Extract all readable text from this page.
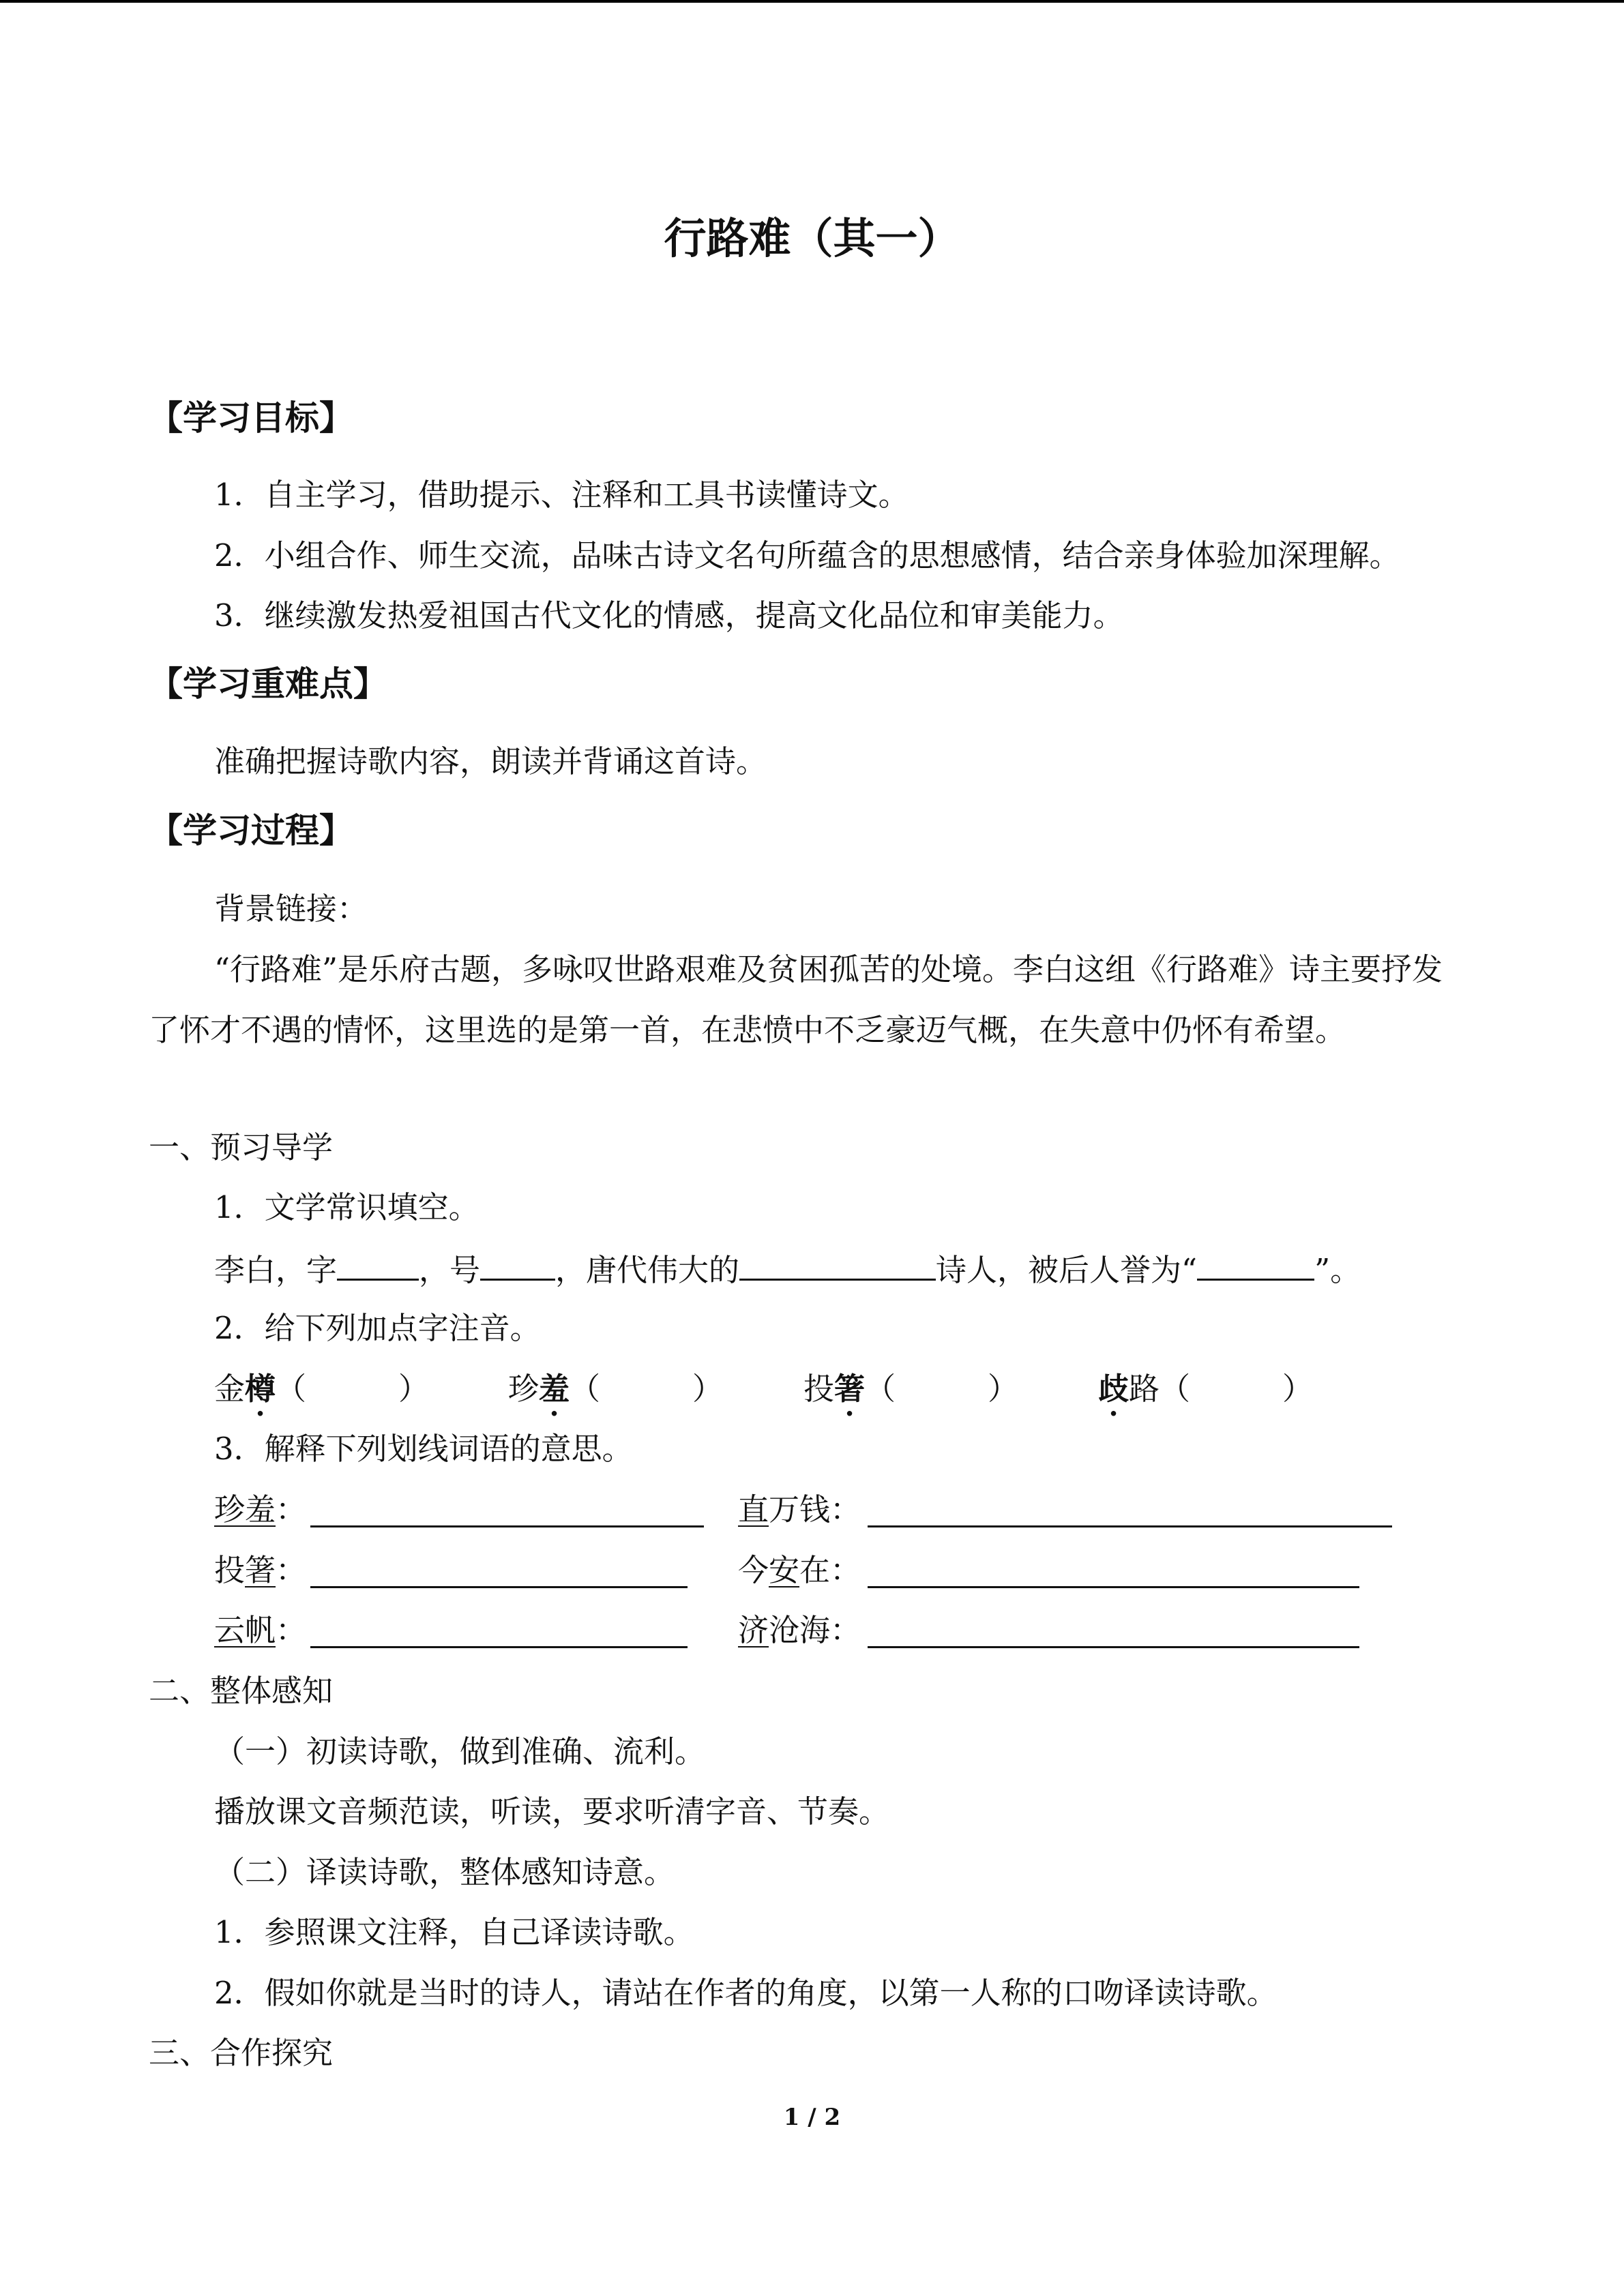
行路难（其一）
【学习目标】
1．自主学习，借助提示、注释和工具书读懂诗文。
2．小组合作、师生交流，品味古诗文名句所蕴含的思想感情，结合亲身体验加深理解。
3．继续激发热爱祖国古代文化的情感，提高文化品位和审美能力。
【学习重难点】
准确把握诗歌内容，朗读并背诵这首诗。
【学习过程】
背景链接：
“行路难”是乐府古题，多咏叹世路艰难及贫困孤苦的处境。李白这组《行路难》诗主要抒发了怀才不遇的情怀，这里选的是第一首，在悲愤中不乏豪迈气概，在失意中仍怀有希望。
一、预习导学
1．文学常识填空。
李白，字	，号 ，唐代伟大的	诗人，被后人誉为“	”。
2．给下列加点字注音。
金樽（　　　）	珍羞（　　　）	投箸（　　　）	歧路（　　　）
3．解释下列划线词语的意思。
珍羞：	直万钱：
投箸：	今安在：
云帆：	济沧海：
二、整体感知
（一）初读诗歌，做到准确、流利。
播放课文音频范读，听读，要求听清字音、节奏。
（二）译读诗歌，整体感知诗意。
1．参照课文注释，自己译读诗歌。
2．假如你就是当时的诗人，请站在作者的角度，以第一人称的口吻译读诗歌。
三、合作探究
1 / 2
